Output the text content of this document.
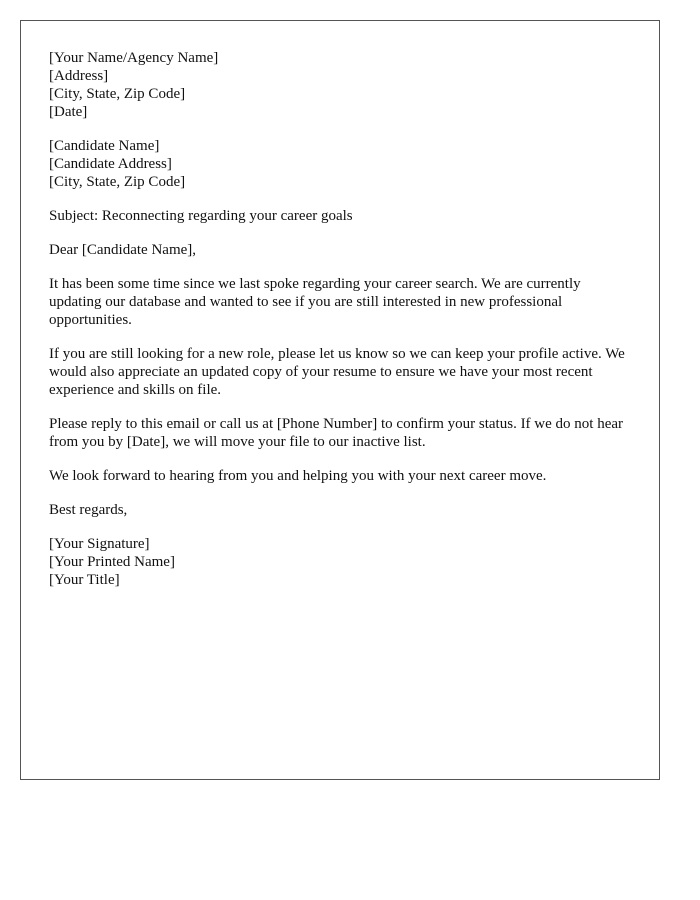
[Your Name/Agency Name]
[Address]
[City, State, Zip Code]
[Date]
[Candidate Name]
[Candidate Address]
[City, State, Zip Code]

Subject: Reconnecting regarding your career goals

Dear [Candidate Name],

It has been some time since we last spoke regarding your career search. We are currently updating our database and wanted to see if you are still interested in new professional opportunities.

If you are still looking for a new role, please let us know so we can keep your profile active. We would also appreciate an updated copy of your resume to ensure we have your most recent experience and skills on file.

Please reply to this email or call us at [Phone Number] to confirm your status. If we do not hear from you by [Date], we will move your file to our inactive list.

We look forward to hearing from you and helping you with your next career move.

Best regards,

[Your Signature]
[Your Printed Name]
[Your Title]
